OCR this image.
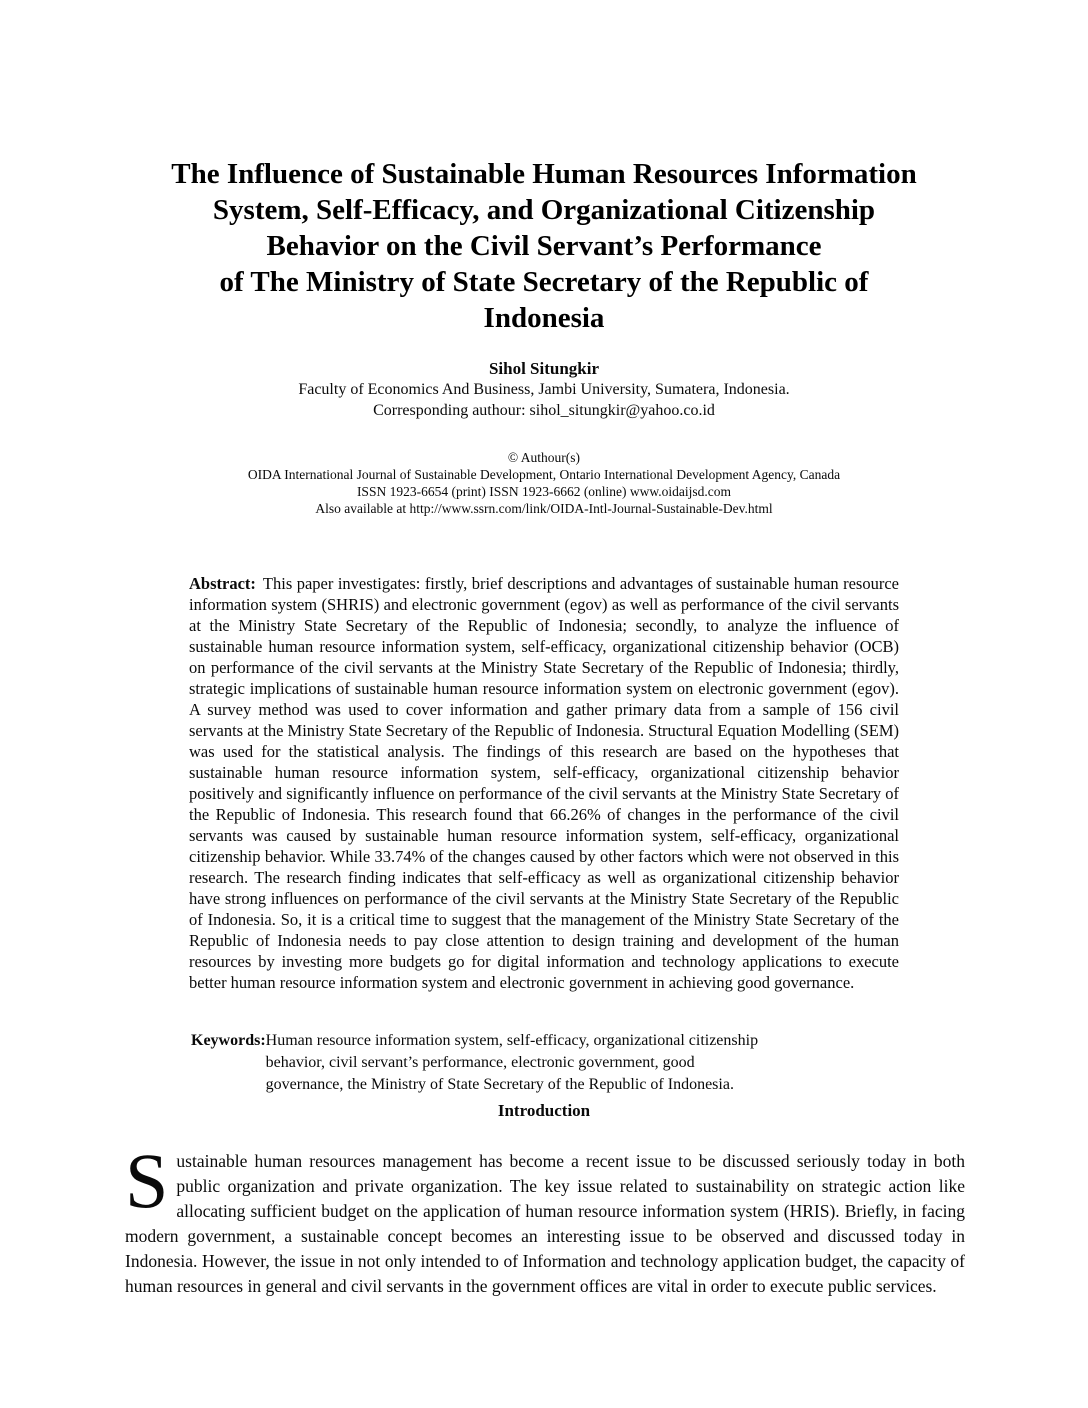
The Influence of Sustainable Human Resources Information
System, Self-Efficacy, and Organizational Citizenship
Behavior on the Civil Servant’s Performance
of The Ministry of State Secretary of the Republic of
Indonesia
Sihol Situngkir
Faculty of Economics And Business, Jambi University, Sumatera, Indonesia.
Corresponding authour: sihol_situngkir@yahoo.co.id
© Authour(s)
OIDA International Journal of Sustainable Development, Ontario International Development Agency, Canada
ISSN 1923-6654 (print) ISSN 1923-6662 (online) www.oidaijsd.com
Also available at http://www.ssrn.com/link/OIDA-Intl-Journal-Sustainable-Dev.html

Abstract: This paper investigates: firstly, brief descriptions and advantages of sustainable human resource information system (SHRIS) and electronic government (egov) as well as performance of the civil servants at the Ministry State Secretary of the Republic of Indonesia; secondly, to analyze the influence of sustainable human resource information system, self-efficacy, organizational citizenship behavior (OCB) on performance of the civil servants at the Ministry State Secretary of the Republic of Indonesia; thirdly, strategic implications of sustainable human resource information system on electronic government (egov). A survey method was used to cover information and gather primary data from a sample of 156 civil servants at the Ministry State Secretary of the Republic of Indonesia. Structural Equation Modelling (SEM) was used for the statistical analysis. The findings of this research are based on the hypotheses that sustainable human resource information system, self-efficacy, organizational citizenship behavior positively and significantly influence on performance of the civil servants at the Ministry State Secretary of the Republic of Indonesia. This research found that 66.26% of changes in the performance of the civil servants was caused by sustainable human resource information system, self-efficacy, organizational citizenship behavior. While 33.74% of the changes caused by other factors which were not observed in this research. The research finding indicates that self-efficacy as well as organizational citizenship behavior have strong influences on performance of the civil servants at the Ministry State Secretary of the Republic of Indonesia. So, it is a critical time to suggest that the management of the Ministry State Secretary of the Republic of Indonesia needs to pay close attention to design training and development of the human resources by investing more budgets go for digital information and technology applications to execute better human resource information system and electronic government in achieving good governance.

Keywords: Human resource information system, self-efficacy, organizational citizenship
behavior, civil servant’s performance, electronic government, good
governance, the Ministry of State Secretary of the Republic of Indonesia.
Introduction

Sustainable human resources management has become a recent issue to be discussed seriously today in both public organization and private organization. The key issue related to sustainability on strategic action like allocating sufficient budget on the application of human resource information system (HRIS). Briefly, in facing modern government, a sustainable concept becomes an interesting issue to be observed and discussed today in Indonesia. However, the issue in not only intended to of Information and technology application budget, the capacity of human resources in general and civil servants in the government offices are vital in order to execute public services.
